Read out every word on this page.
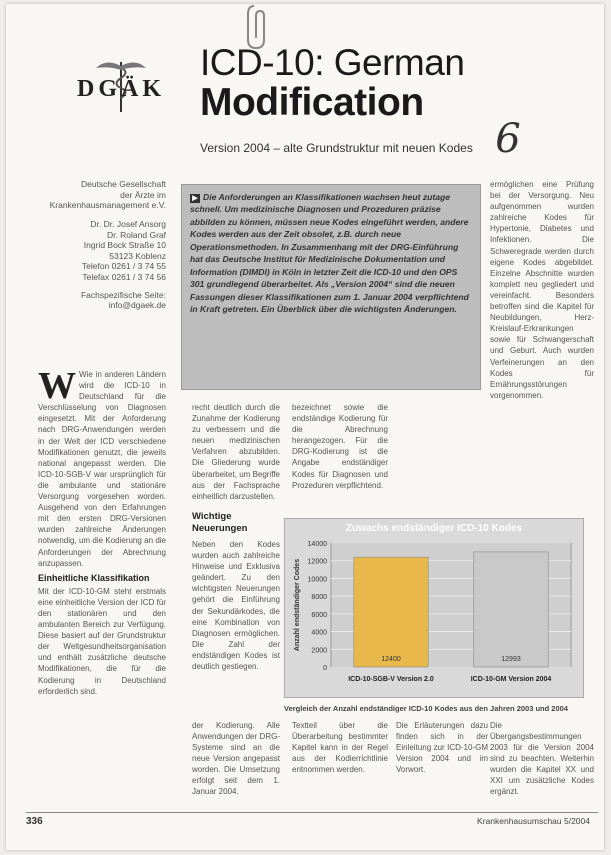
DGÄK
ICD-10: German
Modification
Version 2004 – alte Grundstruktur mit neuen Kodes 6
Deutsche Gesellschaft
der Ärzte im
Krankenhausmanagement e.V.
Dr. Dr. Josef Ansorg
Dr. Roland Graf
Ingrid Bock Straße 10
53123 Koblenz
Telefon 0261 / 3 74 55
Telefax 0261 / 3 74 56
Fachspezifische Seite:
info@dgaek.de
▶ Die Anforderungen an Klassifikationen wachsen heut zutage schnell. Um medizinische Diagnosen und Prozeduren präzise abbilden zu können, müssen neue Kodes eingeführt werden, andere Kodes werden aus der Zeit obsolet, z.B. durch neue Operationsmethoden. In Zusammenhang mit der DRG-Einführung hat das Deutsche Institut für Medizinische Dokumentation und Information (DIMDI) in Köln in letzter Zeit die ICD-10 und den OPS 301 grundlegend überarbeitet. Als „Version 2004“ sind die neuen Fassungen dieser Klassifikationen zum 1. Januar 2004 verpflichtend in Kraft getreten. Ein Überblick über die wichtigsten Änderungen.

W Wie in anderen Ländern wird die ICD-10 in Deutschland für die Verschlüsselung von Diagnosen eingesetzt. Mit der Anforderung nach DRG-Anwendungen werden in der Welt der ICD verschiedene Modifikationen genutzt, die jeweils national angepasst werden. Die ICD-10-SGB-V war ursprünglich für die ambulante und stationäre Versorgung vorgesehen worden. Ausgehend von den Erfahrungen mit den ersten DRG-Versionen wurden zahlreiche Änderungen notwendig, um die Kodierung an die Anforderungen der Abrechnung anzupassen.

Einheitliche Klassifikation

Mit der ICD-10-GM steht erstmals eine einheitliche Version der ICD für den stationären und den ambulanten Bereich zur Verfügung. Diese basiert auf der Grundstruktur der Weltgesundheitsorganisation und enthält zusätzliche deutsche Modifikationen, die für die Kodierung in Deutschland erforderlich sind.

recht deutlich durch die Zunahme der Kodierung zu verbessern und die neuen medizinischen Verfahren abzubilden. Die Gliederung wurde überarbeitet, um Begriffe aus der Fachsprache einheitlich darzustellen.

bezeichnet sowie die endständige Kodierung für die Abrechnung herangezogen. Für die DRG-Kodierung ist die Angabe endständiger Kodes für Diagnosen und Prozeduren verpflichtend.

ermöglichen eine Prüfung bei der Versorgung. Neu aufgenommen wurden zahlreiche Kodes für Hypertonie, Diabetes und Infektionen. Die Schweregrade werden durch eigene Kodes abgebildet. Einzelne Abschnitte wurden komplett neu gegliedert und vereinfacht. Besonders betroffen sind die Kapitel für Neubildungen, Herz-Kreislauf-Erkrankungen sowie für Schwangerschaft und Geburt. Auch wurden Verfeinerungen an den Kodes für Ernährungsstörungen vorgenommen.

Wichtige Neuerungen

Neben den Kodes wurden auch zahlreiche Hinweise und Exklusiva geändert. Zu den wichtigsten Neuerungen gehört die Einführung der Sekundärkodes, die eine Kombination von Diagnosen ermöglichen. Die Zahl der endständigen Kodes ist deutlich gestiegen.

Zuwachs endständiger ICD-10 Kodes
0
2000
4000
6000
8000
10000
12000
14000
Anzahl endständiger Codes
12400
ICD-10-SGB-V Version 2.0
12993
ICD-10-GM Version 2004
Vergleich der Anzahl endständiger ICD-10 Kodes aus den Jahren 2003 und 2004
der Kodierung. Alle Anwendungen der DRG-Systeme sind an die neue Version angepasst worden. Die Umsetzung erfolgt seit dem 1. Januar 2004.
Textteil über die Überarbeitung bestimmter Kapitel kann in der Regel aus der Kodierrichtlinie entnommen werden.
Die Erläuterungen dazu finden sich in der Einleitung zur ICD-10-GM Version 2004 und im Vorwort.
Die Übergangsbestimmungen 2003 für die Version 2004 sind zu beachten. Weiterhin wurden die Kapitel XX und XXI um zusätzliche Kodes ergänzt.
336	Krankenhausumschau 5/2004
